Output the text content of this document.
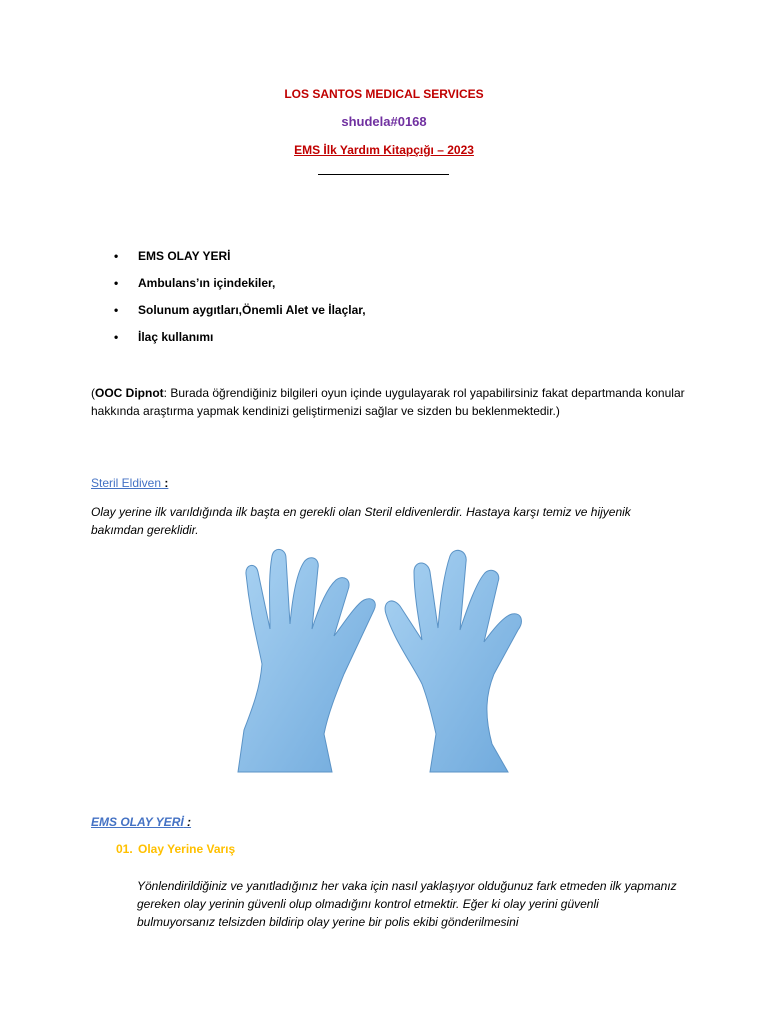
LOS SANTOS MEDICAL SERVICES
shudela#0168
EMS İlk Yardım Kitapçığı – 2023
• EMS OLAY YERİ
• Ambulans’ın içindekiler,
• Solunum aygıtları,Önemli Alet ve İlaçlar,
• İlaç kullanımı
(OOC Dipnot: Burada öğrendiğiniz bilgileri oyun içinde uygulayarak rol yapabilirsiniz fakat departmanda konular hakkında araştırma yapmak kendinizi geliştirmenizi sağlar ve sizden bu beklenmektedir.)
Steril Eldiven :
Olay yerine ilk varıldığında ilk başta en gerekli olan Steril eldivenlerdir. Hastaya karşı temiz ve hijyenik bakımdan gereklidir.
EMS OLAY YERİ :
01. Olay Yerine Varış
Yönlendirildiğiniz ve yanıtladığınız her vaka için nasıl yaklaşıyor olduğunuz fark etmeden ilk yapmanız gereken olay yerinin güvenli olup olmadığını kontrol etmektir. Eğer ki olay yerini güvenli bulmuyorsanız telsizden bildirip olay yerine bir polis ekibi gönderilmesini
